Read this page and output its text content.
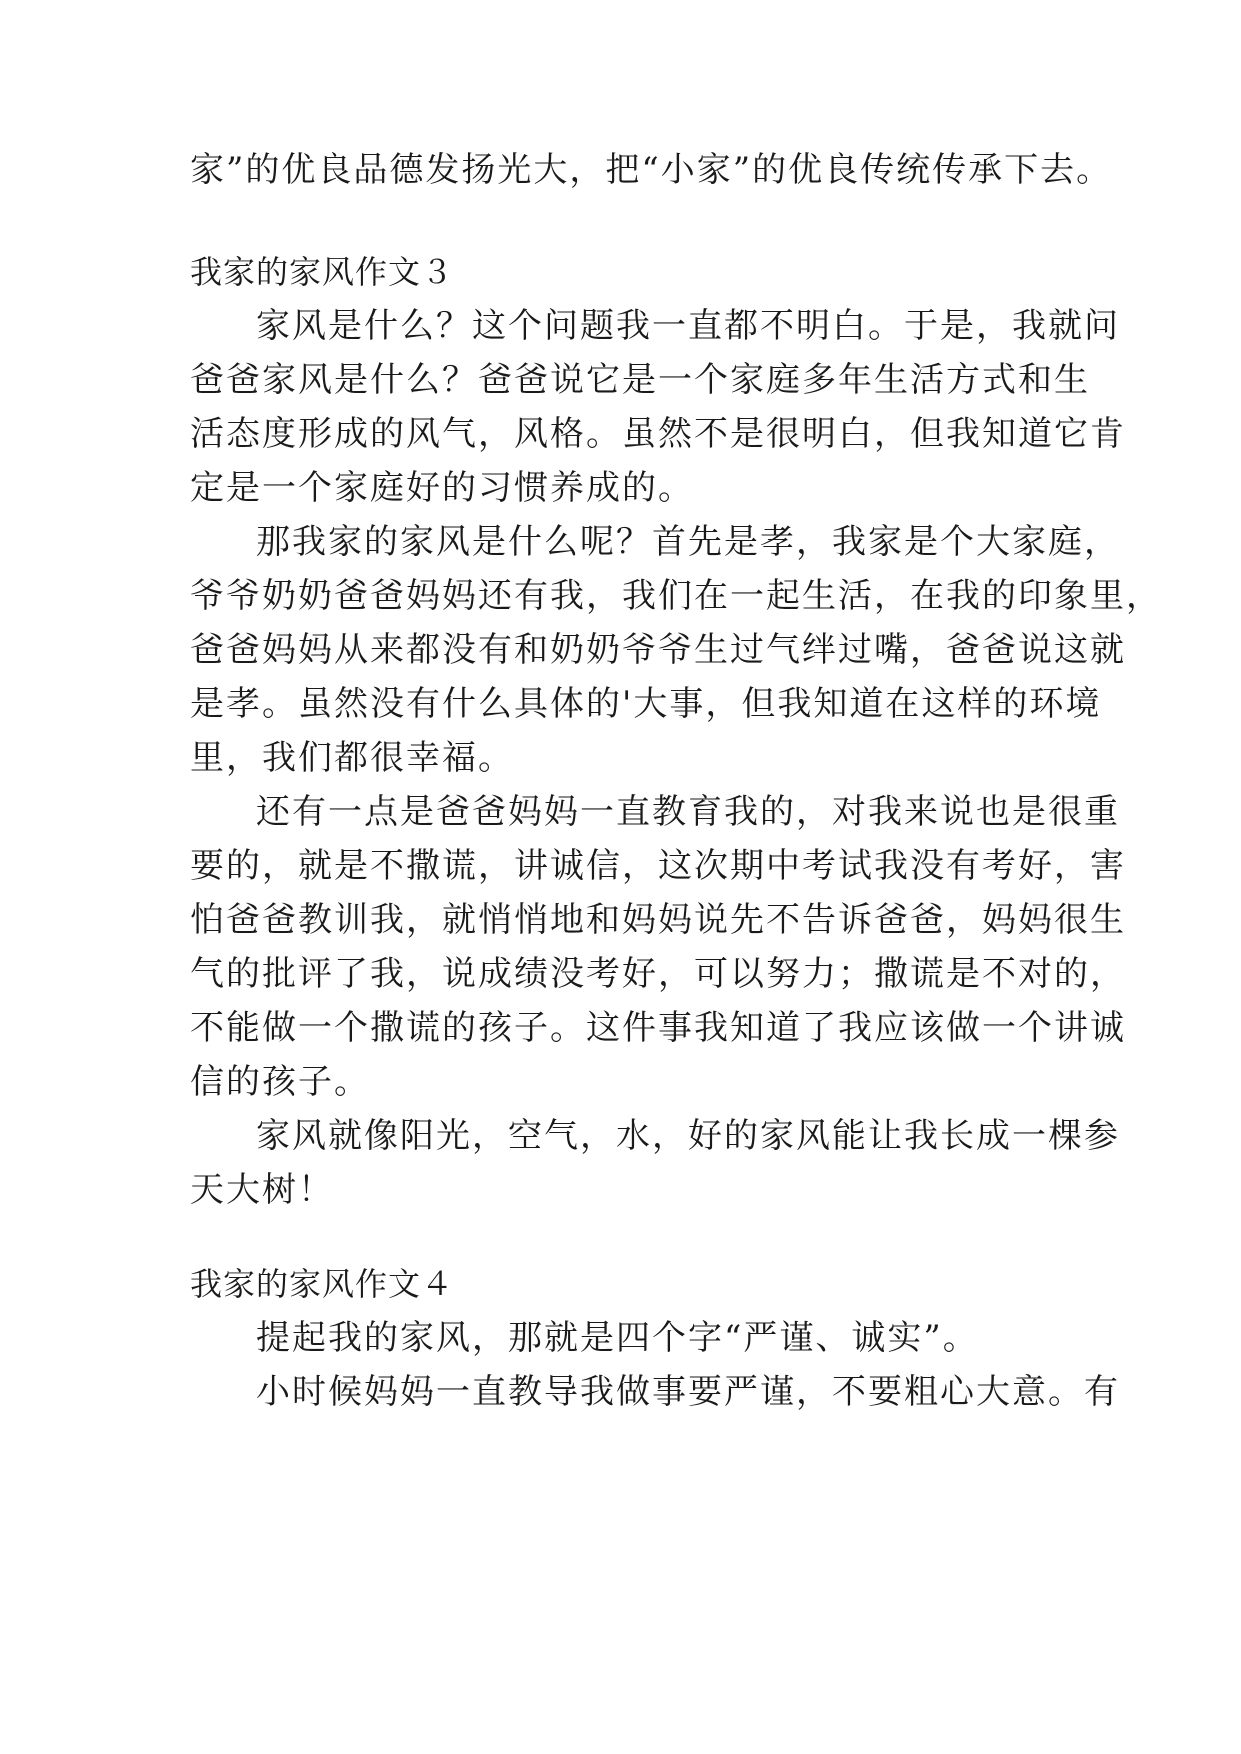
家”的优良品德发扬光大，把“小家”的优良传统传承下去。
我家的家风作文３
家风是什么？这个问题我一直都不明白。于是，我就问
爸爸家风是什么？爸爸说它是一个家庭多年生活方式和生
活态度形成的风气，风格。虽然不是很明白，但我知道它肯
定是一个家庭好的习惯养成的。
那我家的家风是什么呢？首先是孝，我家是个大家庭，
爷爷奶奶爸爸妈妈还有我，我们在一起生活，在我的印象里，
爸爸妈妈从来都没有和奶奶爷爷生过气绊过嘴，爸爸说这就
是孝。虽然没有什么具体的'大事，但我知道在这样的环境
里，我们都很幸福。
还有一点是爸爸妈妈一直教育我的，对我来说也是很重
要的，就是不撒谎，讲诚信，这次期中考试我没有考好，害
怕爸爸教训我，就悄悄地和妈妈说先不告诉爸爸，妈妈很生
气的批评了我，说成绩没考好，可以努力；撒谎是不对的，
不能做一个撒谎的孩子。这件事我知道了我应该做一个讲诚
信的孩子。
家风就像阳光，空气，水，好的家风能让我长成一棵参
天大树！
我家的家风作文４
提起我的家风，那就是四个字“严谨、诚实”。
小时候妈妈一直教导我做事要严谨，不要粗心大意。有
